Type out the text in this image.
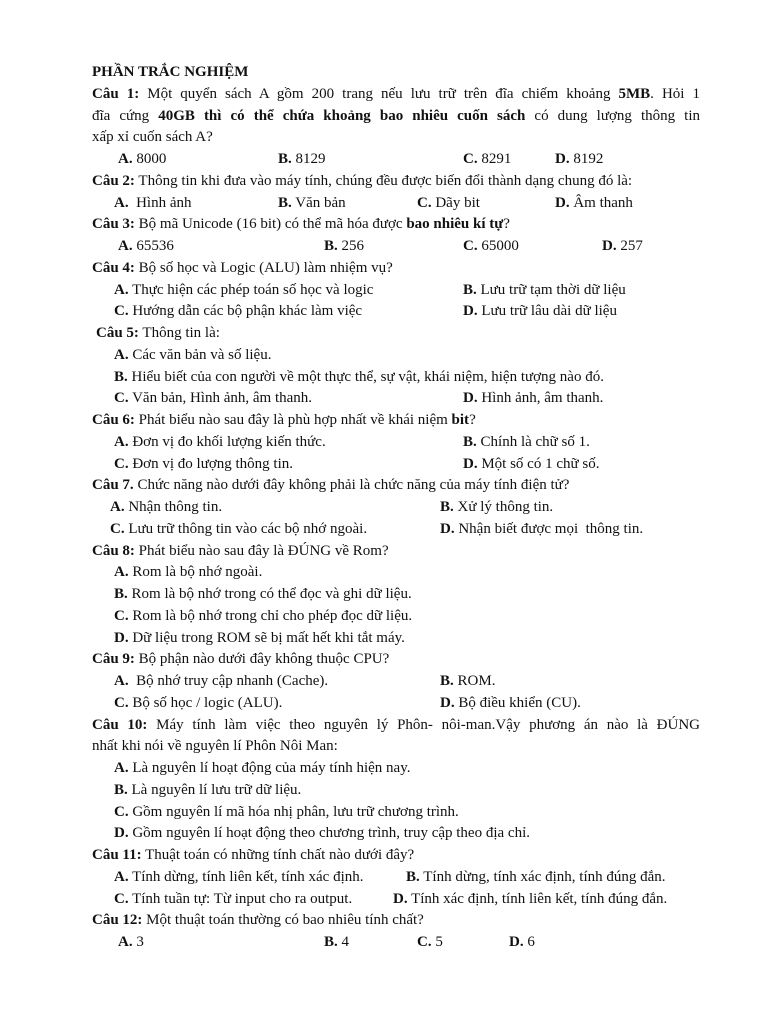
PHẦN TRẮC NGHIỆM
Câu 1: Một quyển sách A gồm 200 trang nếu lưu trữ trên đĩa chiếm khoảng 5MB. Hỏi 1
đĩa cứng 40GB thì có thể chứa khoảng bao nhiêu cuốn sách có dung lượng thông tin
xấp xỉ cuốn sách A?
A. 8000	B. 8129	C. 8291	D. 8192
Câu 2: Thông tin khi đưa vào máy tính, chúng đều được biến đổi thành dạng chung đó là:
A.  Hình ảnh	B. Văn bản	C. Dãy bit	D. Âm thanh
Câu 3: Bộ mã Unicode (16 bit) có thể mã hóa được bao nhiêu kí tự?
A. 65536	B. 256	C. 65000	D. 257
Câu 4: Bộ số học và Logic (ALU) làm nhiệm vụ?
A. Thực hiện các phép toán số học và logic	B. Lưu trữ tạm thời dữ liệu
C. Hướng dẫn các bộ phận khác làm việc	D. Lưu trữ lâu dài dữ liệu
Câu 5: Thông tin là:
A. Các văn bản và số liệu.
B. Hiểu biết của con người về một thực thể, sự vật, khái niệm, hiện tượng nào đó.
C. Văn bản, Hình ảnh, âm thanh.	D. Hình ảnh, âm thanh.
Câu 6: Phát biểu nào sau đây là phù hợp nhất về khái niệm bit?
A. Đơn vị đo khối lượng kiến thức.	B. Chính là chữ số 1.
C. Đơn vị đo lượng thông tin.	D. Một số có 1 chữ số.
Câu 7. Chức năng nào dưới đây không phải là chức năng của máy tính điện tử?
A. Nhận thông tin.	B. Xử lý thông tin.
C. Lưu trữ thông tin vào các bộ nhớ ngoài.	D. Nhận biết được mọi  thông tin.
Câu 8: Phát biểu nào sau đây là ĐÚNG về Rom?
A. Rom là bộ nhớ ngoài.
B. Rom là bộ nhớ trong có thể đọc và ghi dữ liệu.
C. Rom là bộ nhớ trong chỉ cho phép đọc dữ liệu.
D. Dữ liệu trong ROM sẽ bị mất hết khi tắt máy.
Câu 9: Bộ phận nào dưới đây không thuộc CPU?
A.  Bộ nhớ truy cập nhanh (Cache).	B. ROM.
C. Bộ số học / logic (ALU).	D. Bộ điều khiển (CU).
Câu 10: Máy tính làm việc theo nguyên lý Phôn- nôi-man.Vậy phương án nào là ĐÚNG
nhất khi nói về nguyên lí Phôn Nôi Man:
A. Là nguyên lí hoạt động của máy tính hiện nay.
B. Là nguyên lí lưu trữ dữ liệu.
C. Gồm nguyên lí mã hóa nhị phân, lưu trữ chương trình.
D. Gồm nguyên lí hoạt động theo chương trình, truy cập theo địa chỉ.
Câu 11: Thuật toán có những tính chất nào dưới đây?
A. Tính dừng, tính liên kết, tính xác định. B. Tính dừng, tính xác định, tính đúng đắn.
C. Tính tuần tự: Từ input cho ra output. D. Tính xác định, tính liên kết, tính đúng đắn.
Câu 12: Một thuật toán thường có bao nhiêu tính chất?
A. 3	B. 4	C. 5	D. 6
